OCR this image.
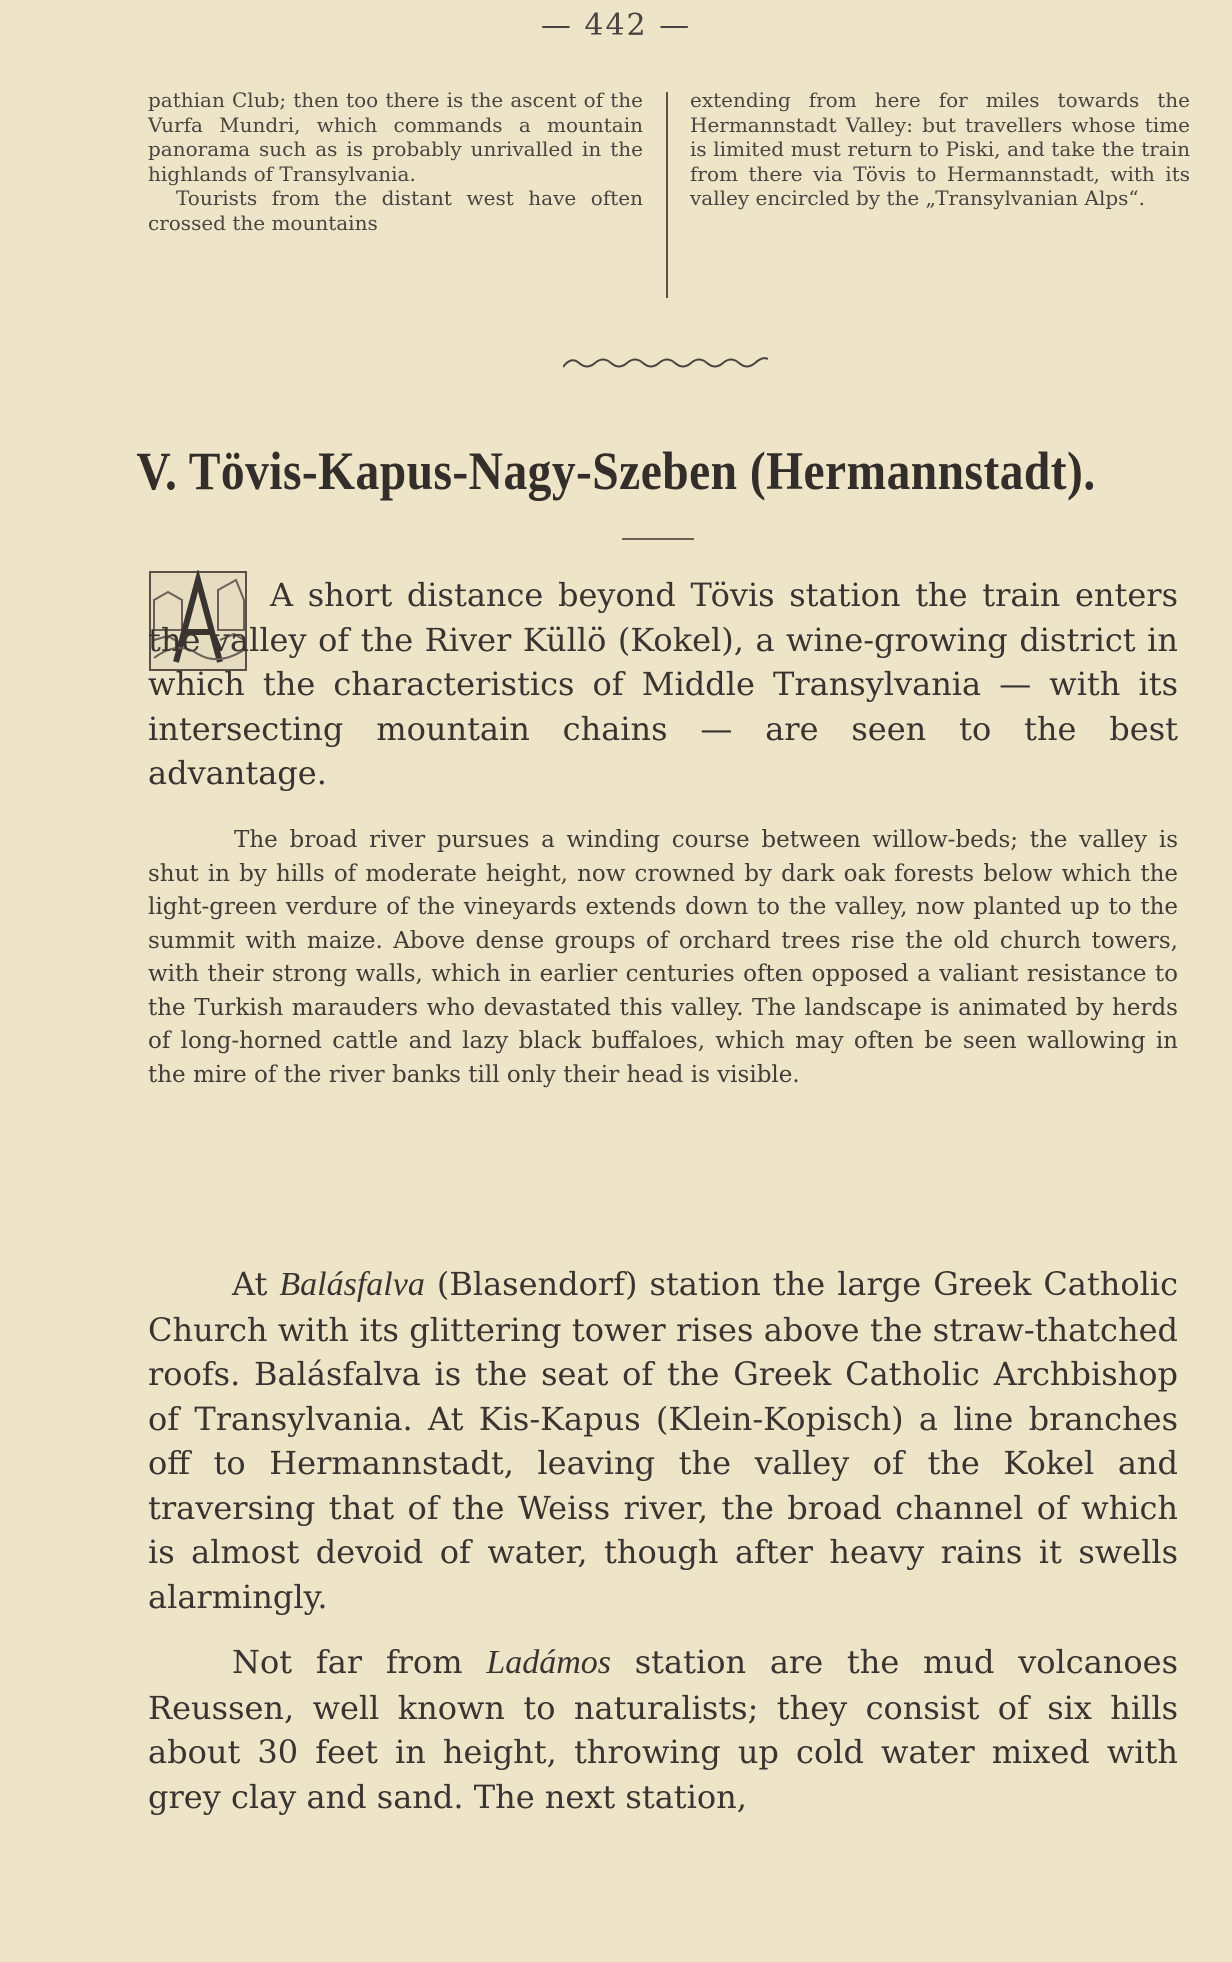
— 442 —

pathian Club; then too there is the ascent of the Vurfa Mundri, which commands a mountain panorama such as is probably unrivalled in the highlands of Transylvania.

Tourists from the distant west have often crossed the mountains

extending from here for miles towards the Hermannstadt Valley: but travellers whose time is limited must return to Piski, and take the train from there via Tövis to Hermannstadt, with its valley encircled by the „Transylvanian Alps“.

V. Tövis-Kapus-Nagy-Szeben (Hermannstadt).
A short distance beyond Tövis station the train enters the valley of the River Küllö (Kokel), a wine-growing district in which the characteristics of Middle Transylvania — with its intersecting mountain chains — are seen to the best advantage.
The broad river pursues a winding course between willow-beds; the valley is shut in by hills of moderate height, now crowned by dark oak forests below which the light-green verdure of the vineyards extends down to the valley, now planted up to the summit with maize. Above dense groups of orchard trees rise the old church towers, with their strong walls, which in earlier centuries often opposed a valiant resistance to the Turkish marauders who devastated this valley. The landscape is animated by herds of long-horned cattle and lazy black buffaloes, which may often be seen wallowing in the mire of the river banks till only their head is visible.
At Balásfalva (Blasendorf) station the large Greek Catholic Church with its glittering tower rises above the straw-thatched roofs. Balásfalva is the seat of the Greek Catholic Archbishop of Transylvania. At Kis-Kapus (Klein-Kopisch) a line branches off to Hermannstadt, leaving the valley of the Kokel and traversing that of the Weiss river, the broad channel of which is almost devoid of water, though after heavy rains it swells alarmingly.
Not far from Ladámos station are the mud volcanoes Reussen, well known to naturalists; they consist of six hills about 30 feet in height, throwing up cold water mixed with grey clay and sand. The next station,
